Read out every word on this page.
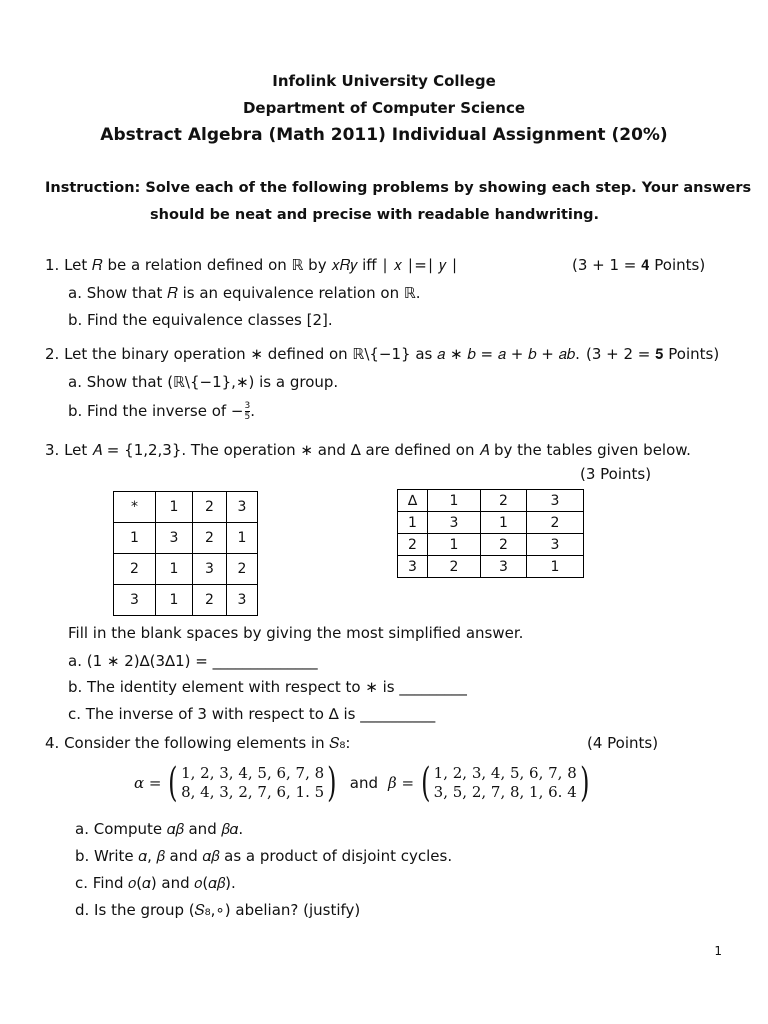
Infolink University College
Department of Computer Science
Abstract Algebra (Math 2011) Individual Assignment (20%)
Instruction: Solve each of the following problems by showing each step. Your answers
should be neat and precise with readable handwriting.
1. Let 𝑅 be a relation defined on ℝ by 𝑥𝑅𝑦 iff ∣ 𝑥 ∣=∣ 𝑦 ∣	(3 + 1 = 𝟒 Points)
a. Show that 𝑅 is an equivalence relation on ℝ.
b. Find the equivalence classes [2].
2. Let the binary operation ∗ defined on ℝ\{−1} as 𝑎 ∗ 𝑏 = 𝑎 + 𝑏 + 𝑎𝑏. (3 + 2 = 𝟓 Points)
a. Show that (ℝ\{−1},∗) is a group.
b. Find the inverse of − $\frac{3}{5}$ .
3. Let 𝐴 = {1,2,3}. The operation ∗ and ∆ are defined on 𝐴 by the tables given below.
(3 Points)
*	1	2	3
1	3	2	1
2	1	3	2
3	1	2	3
∆	1	2	3
1	3	1	2
2	1	2	3
3	2	3	1
Fill in the blank spaces by giving the most simplified answer.
a. (1 ∗ 2)∆(3∆1) = ______________
b. The identity element with respect to ∗ is _________
c. The inverse of 3 with respect to ∆ is __________
4. Consider the following elements in 𝑆₈:	(4 Points)
𝛼 = ( 1, 2, 3, 4, 5, 6, 7, 8
8, 4, 3, 2, 7, 6, 1. 5 ) and 𝛽 = ( 1, 2, 3, 4, 5, 6, 7, 8
3, 5, 2, 7, 8, 1, 6. 4 )
a. Compute 𝛼𝛽 and 𝛽𝛼.
b. Write 𝛼, 𝛽 and 𝛼𝛽 as a product of disjoint cycles.
c. Find 𝑜(𝛼) and 𝑜(𝛼𝛽).
d. Is the group (𝑆₈,∘) abelian? (justify)
1
